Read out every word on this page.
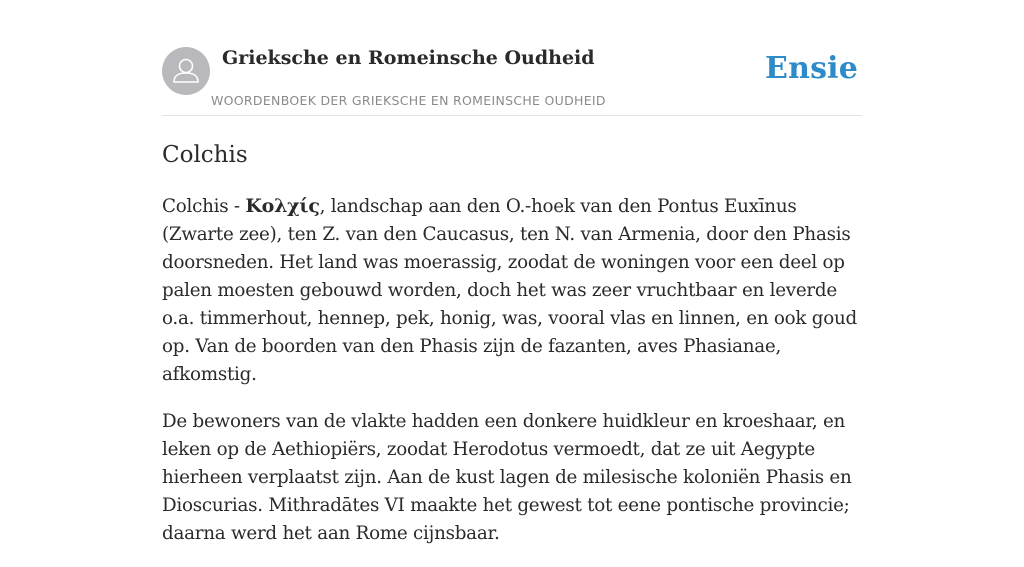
Grieksche en Romeinsche Oudheid
WOORDENBOEK DER GRIEKSCHE EN ROMEINSCHE OUDHEID
Ensie
Colchis

Colchis - Κολχίς, landschap aan den O.-hoek van den Pontus Euxīnus (Zwarte zee), ten Z. van den Caucasus, ten N. van Armenia, door den Phasis doorsneden. Het land was moerassig, zoodat de woningen voor een deel op palen moesten gebouwd worden, doch het was zeer vruchtbaar en leverde o.a. timmerhout, hennep, pek, honig, was, vooral vlas en linnen, en ook goud op. Van de boorden van den Phasis zijn de fazanten, aves Phasianae, afkomstig.

De bewoners van de vlakte hadden een donkere huidkleur en kroeshaar, en leken op de Aethiopiërs, zoodat Herodotus vermoedt, dat ze uit Aegypte hierheen verplaatst zijn. Aan de kust lagen de milesische koloniën Phasis en Dioscurias. Mithradātes VI maakte het gewest tot eene pontische provincie; daarna werd het aan Rome cijnsbaar.
